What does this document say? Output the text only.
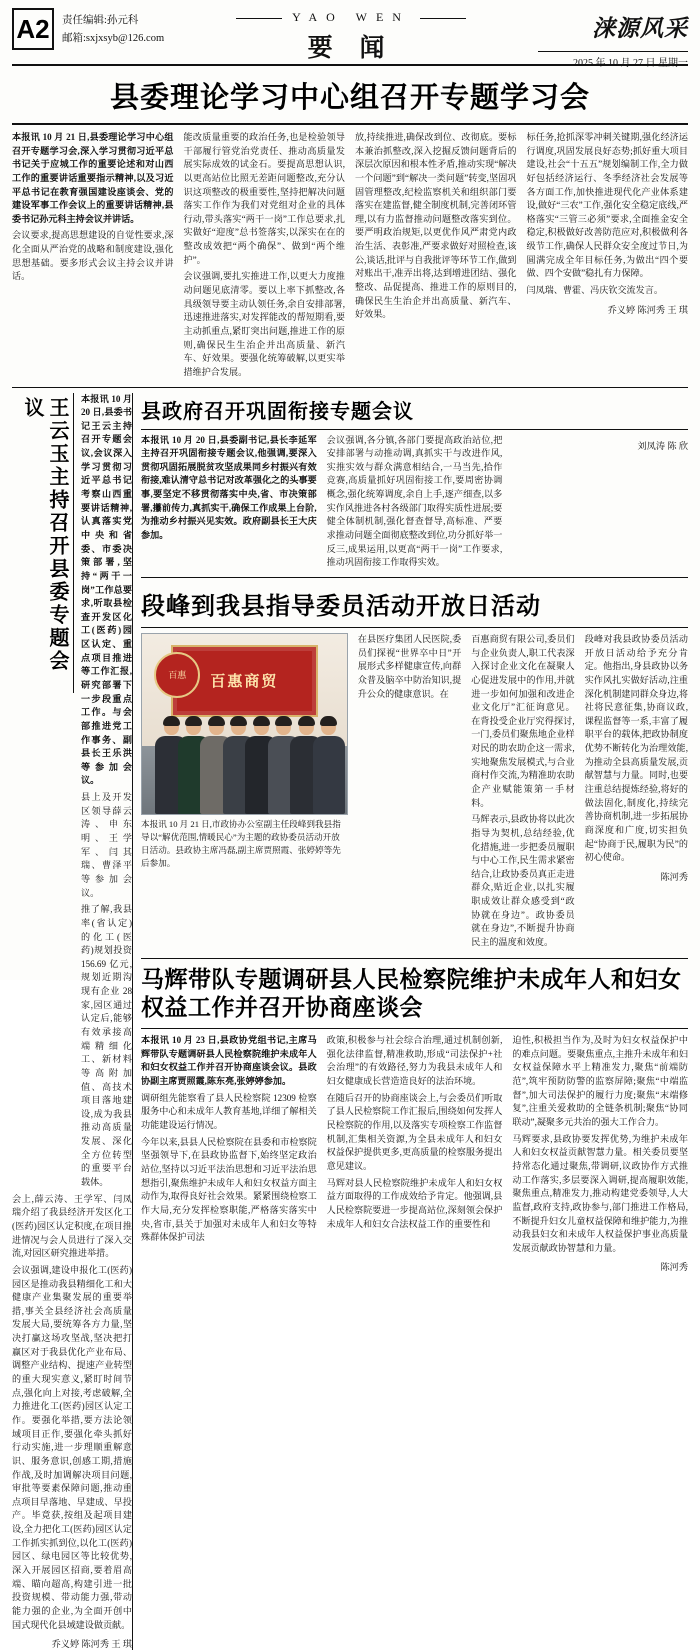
A2	责任编辑:孙元科
邮箱:sxjxsyb@126.com
YAO WEN
要 闻
涞源风采
2025 年 10 月 27 日 星期一
县委理论学习中心组召开专题学习会

本报讯 10 月 21 日,县委理论学习中心组召开专题学习会,深入学习贯彻习近平总书记关于应城工作的重要论述和对山西工作的重要讲话重要指示精神,以及习近平总书记在教育强国建设座谈会、党的建设军事工作会议上的重要讲话精神,县委书记孙元科主持会议并讲话。

会议要求,提高思想建设的自觉性要求,深化全面从严治党的战略和制度建设,强化思想基础。要多形式会议主持会议并讲话。

能改质量重要的政治任务,也是检验领导干部履行管党治党责任、推动高质量发展实际成效的试金石。要提高思想认识,以更高站位比照无差距问题整改,充分认识这项整改的极重要性,坚持把解决问题落实工作作为我们对党组对企业的具体行动,带头落实“两干一岗”工作总要求,扎实做好“迎度”总书签落实,以深实在在的整改成效把“两个确保”、做到“两个维护”。

会议强调,要扎实推进工作,以更大力度推动问题见底清零。要以上率下抓整改,各具级领导要主动认领任务,余自安排部署,迅速推进落实,对发挥能改的帮短期看,要主动抓重点,紧盯突出问题,推进工作的原则,确保民生生治企并出高质量、新汽车、好效果。要强化统筹破解,以更实举措维护合发展。

放,持续推进,确保改到位、改彻底。要标本兼治抓整改,深入挖掘反馈问题背后的深层次原因和根本性矛盾,推动实现“解决一个问题”到“解决一类问题”转变,坚固巩固管理整改,纪检监察机关和组织部门要落实在建监督,健全制度机制,完善闭环管理,以有力监督推动问题整改落实到位。要严明政治规矩,以更优作风严肃党内政治生活、表彰准,严要求做好对照检查,该公,谈话,批评与自我批评等环节工作,做到对账出干,准弄出将,达到增进团结、强化整改、品促提高、推进工作的原则目的,确保民生生治企并出高质量、新汽车、好效果。

标任务,抢抓深零冲刺关键期,强化经济运行调度,巩固发展良好态势;抓好重大项目建设,社会“十五五”规划编制工作,全力做好包括经济运行、冬季经济社会发展等各方面工作,加快推进现代化产业体系建设,做好“三农”工作,强化安全稳定底线,严格落实“三管三必须”要求,全面推金安全稳定,积极做好改善防范应对,积极做利各级节工作,确保人民群众安全度过节日,为圆满完成全年目标任务,为做出“四个要做、四个安做”稳扎有力保障。

闫凤瑞、曹霍、冯庆钦交流发言。

乔义婷 陈河秀 王 琪
王云玉主持召开县委专题会议	本报讯 10 月 20 日,县委书记王云主持召开专题会议,会议深入学习贯彻习近平总书记考察山西重要讲话精神,认真落实党中央和省委、市委决策部署,坚持“两干一岗”工作总要求,听取县检查开发区化工(医药)园区认定、重点项目推进等工作汇报,研究部署下一步段重点工作。与会部推进党工作事务、副县长王乐洪等参加会议。

县上及开发区领导薛云涛、申东明、王学军、闫其瑞、曹泽平等参加会议。

推了解,我县率(省认定)的化工(医药)规划投资 156.69 亿元,规划近期沟现有企业 28 家,园区通过认定后,能够有效承接高端精细化工、新材料等高附加值、高技术项目落地建设,成为我县推动高质量发展、深化全方位转型的重要平台载体。

会上,薛云涛、王学军、闫凤瑞介绍了我县经济开发区化工(医药)园区认定积度,在项目推进情况与会人员进行了深入交流,对园区研究推进举措。

会议强调,建设申报化工(医药)园区是推动我县精细化工和大健康产业集聚发展的重要举措,事关全县经济社会高质量发展大局,要统筹各方力量,坚决打赢这场攻坚战,坚决把打赢区对于我县优化产业布局、调整产业结构、提速产业转型的重大现实意义,紧盯时间节点,强化向上对接,考虑破解,全力推进化工(医药)园区认定工作。要强化举措,要方法论领域项目正作,要强化牵头抓好行动实施,进一步理顺重解意识、服务意识,创感工期,措施作战,及时加调解决项目问题,审批等要素保障问题,推动重点项目早落地、早建成、早投产。毕竟获,按组及起项目建设,全力把化工(医药)园区认定工作抓实抓到位,以化工(医药)园区、绿电园区等比较优势,深入开展园区招商,要着眉高端、瞄向超高,构建引进一批投资规模、带动能力强,带动能力强的企业,为全面开创中国式现代化县域建设做贡献。

乔义婷 陈河秀 王 琪
县政府召开巩固衔接专题会议

本报讯 10 月 20 日,县委副书记,县长李延军主持召开巩固衔接专题会议,他强调,要深入贯彻巩固拓展脱贫攻坚成果同乡村振兴有效衔接,难认清守总书记对改革强化之的头事要事,要坚定不移贯彻落实中央,省、市决策部署,攥前传力,真抓实干,确保工作成果上台阶,为推动乡村振兴见实效。政府副县长王大庆参加。

会议强调,各分镇,各部门要提高政治站位,把安排部署与动推动调,真抓实干与改进作风,实推实效与群众满意相结合,一马当先,拾作竞赛,高质量抓好巩固衔接工作,要周密协调概念,强化统筹调度,余自上手,逐产细查,以多实作风推进各村各级部门取得实质性进展;要健全体制机制,强化督查督导,高标准、严要求推动问题全面彻底整改到位,功分抓好举一反三,成果运用,以更高“两干一岗”工作要求,推动巩固衔接工作取得实效。

刘凤涛 陈 欣
段峰到我县指导委员活动开放日活动
百惠商贸
百惠
本报讯 10 月 21 日,市政协办公室副主任段峰到我县指导以“解优范围,情暖民心”为主题的政协委员活动开放日活动。县政协主席冯磊,副主席贾照霞、张婷婷等先后参加。

在县医疗集团人民医院,委员们探视“世界卒中日”开展形式多样健康宣传,向群众普及脑卒中防治知识,提升公众的健康意识。在

百惠商贸有限公司,委员们与企业负责人,职工代表深入探讨企业文化在凝聚人心促进发展中的作用,并就进一步如何加强和改进企业文化厅”汇征询意见。在背投受企业厅究得探讨,一门,委员们聚焦地企业样对民的助农助企这一需求,实地聚焦发展模式,与合业商村作交流,为精准助农助企产业赋能策第一手材料。

马辉表示,县政协将以此次指导为契机,总结经验,优化措施,进一步把委员履职与中心工作,民生需求紧密结合,让政协委员真正走进群众,贴近企业,以扎实履职成效让群众感受到“政协就在身边”。政协委员就在身边”,不断提升协商民主的温度和效度。

段峰对我县政协委员活动开放日活动给予充分肯定。他指出,身县政协以务实作风扎实做好活动,注重深化机制建同群众身边,将社将民意征集,协商议政,课程监督等一系,丰富了履职平台的载体,把政协制度优势不断转化为治理效能,为推动全县高质量发展,贡献智慧与力量。同时,也要注重总结提炼经验,将好的做法固化,制度化,持续完善协商机制,进一步拓展协商深度和广度,切实担负起“协商于民,履职为民”的初心使命。

陈河秀
马辉带队专题调研县人民检察院维护未成年人和妇女权益工作并召开协商座谈会

本报讯 10 月 23 日,县政协党组书记,主席马辉带队专题调研县人民检察院维护未成年人和妇女权益工作并召开协商座谈会议。县政协副主席贾照霞,陈东亮,张婷婷参加。

调研组先能察看了县人民检察院 12309 检察服务中心和未成年人教育基地,详细了解相关功能建设运行情况。

今年以来,县县人民检察院在县委和市检察院坚强领导下,在县政协监督下,始终坚定政治站位,坚持以习近平法治思想和习近平法治思想指引,聚焦维护未成年人和妇女权益方面主动作为,取得良好社会效果。紧紧围绕检察工作大局,充分发挥检察职能,严格落实落实中央,省市,县关于加强对未成年人和妇女等特殊群体保护司法

政策,积极参与社会综合治理,通过机制创新,强化法律监督,精准救助,形成“司法保护+社会治理”的有效路径,努力为我县未成年人和妇女健康成长营造造良好的法治环境。

在随后召开的协商座谈会上,与会委员们听取了县人民检察院工作汇报后,围绕如何发挥人民检察院的作用,以及落实专项检察工作监督机制,汇集相关资源,为全县未成年人和妇女权益保护提供更多,更高质量的检察服务提出意见建议。

马辉对县人民检察院维护未成年人和妇女权益方面取得的工作成效给予肯定。他强调,县人民检察院要进一步提高站位,深刻领会保护未成年人和妇女合法权益工作的重要性和

迫性,积极担当作为,及时为妇女权益保护中的难点问题。要聚焦重点,主推升未成年和妇女权益保障水平上精准发力,聚焦“前端防范”,筑牢预防防警的监察屏障;聚焦“中端监督”,加大司法保护的履行力度;聚焦“末端修复”,注重关爱救助的全链条机制;聚焦“协同联动”,凝聚多元共治的强大工作合力。

马辉要求,县政协要发挥优势,为维护未成年人和妇女权益贡献智慧力量。相关委员要坚持常态化通过聚焦,带调研,议政协作方式推动工作落实,多层要深入调研,提高履职效能,聚焦重点,精准发力,推动构建党委领导,人大监督,政府支持,政协参与,部门推进工作格局,不断提升妇女儿童权益保障和维护能力,为推动我县妇女和未成年人权益保护事业高质量发展贡献政协智慧和力量。

陈河秀
